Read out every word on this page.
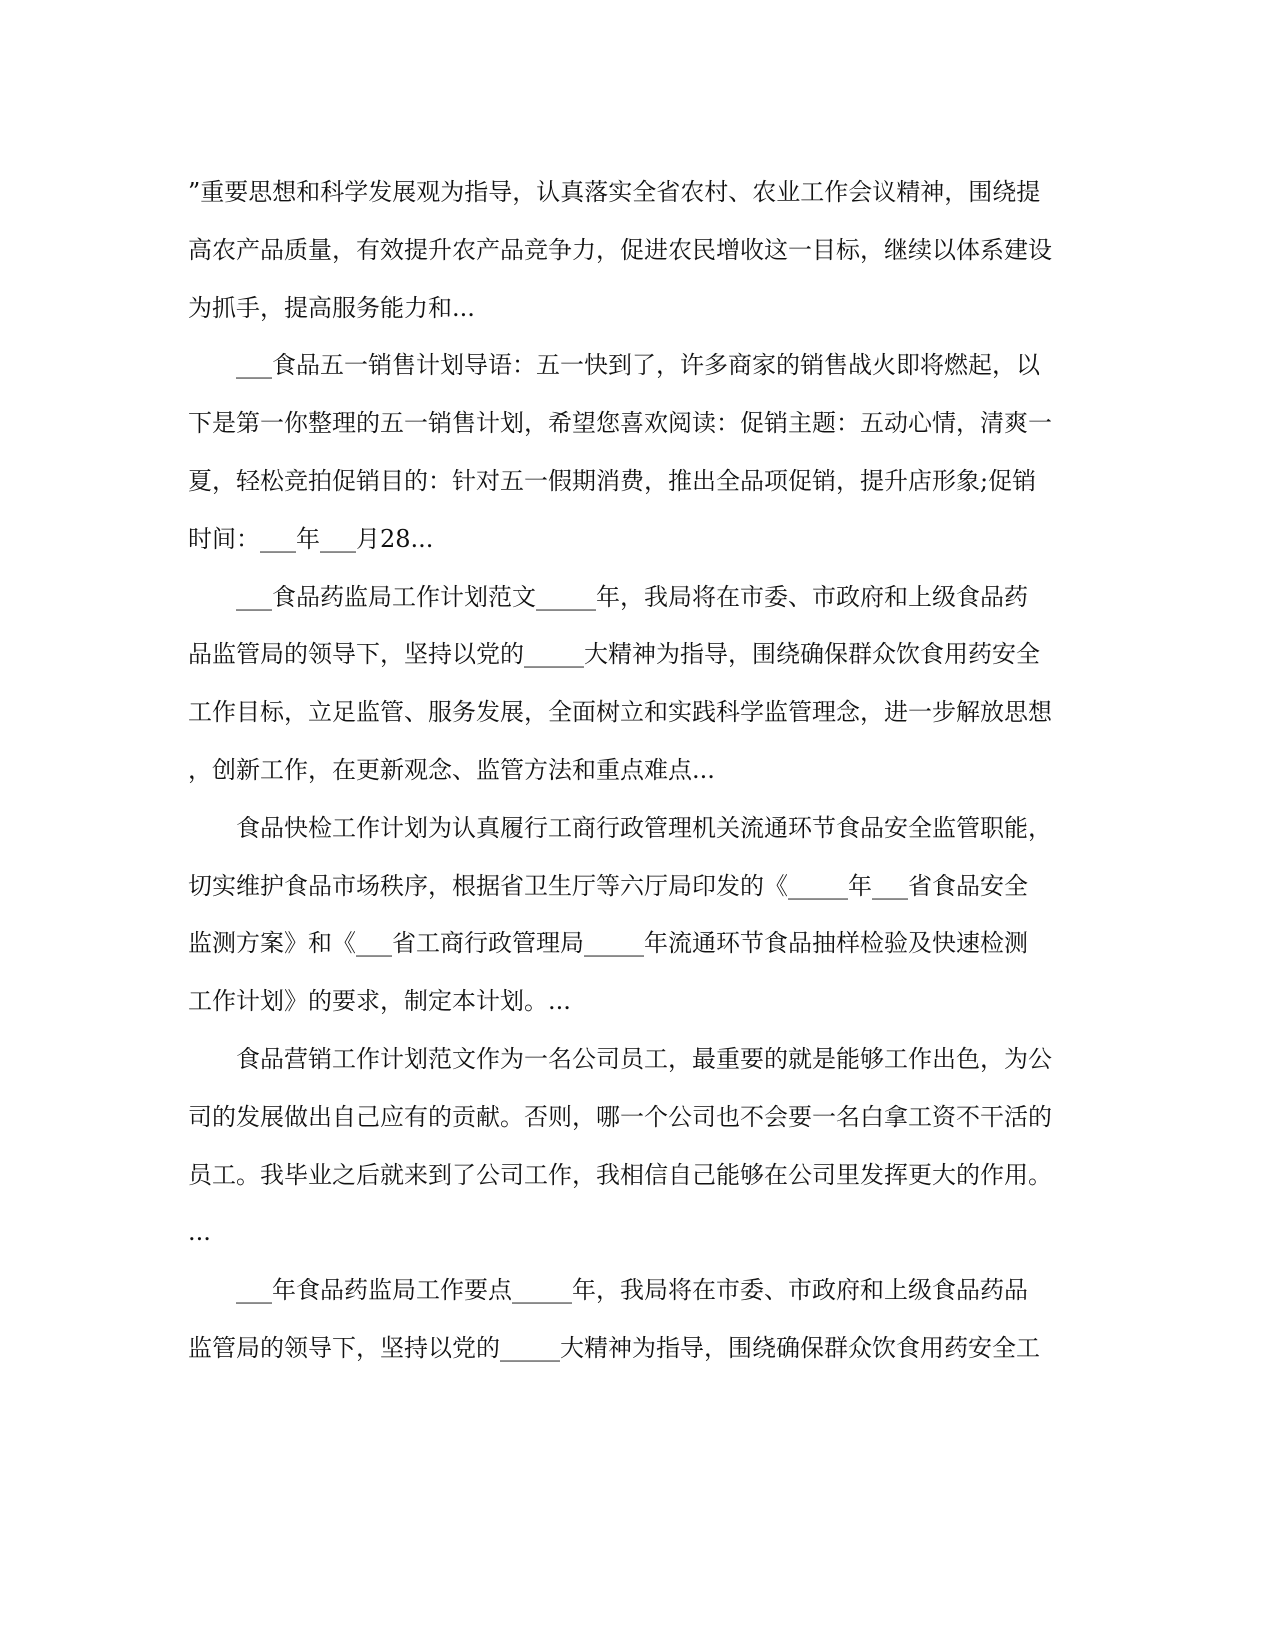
”重要思想和科学发展观为指导，认真落实全省农村、农业工作会议精神，围绕提
高农产品质量，有效提升农产品竞争力，促进农民增收这一目标，继续以体系建设
为抓手，提高服务能力和...

___食品五一销售计划导语：五一快到了，许多商家的销售战火即将燃起，以
下是第一你整理的五一销售计划，希望您喜欢阅读：促销主题：五动心情，清爽一
夏，轻松竞拍促销目的：针对五一假期消费，推出全品项促销，提升店形象;促销
时间：___年___月28...

___食品药监局工作计划范文_____年，我局将在市委、市政府和上级食品药
品监管局的领导下，坚持以党的_____大精神为指导，围绕确保群众饮食用药安全
工作目标，立足监管、服务发展，全面树立和实践科学监管理念，进一步解放思想
，创新工作，在更新观念、监管方法和重点难点...

食品快检工作计划为认真履行工商行政管理机关流通环节食品安全监管职能，
切实维护食品市场秩序，根据省卫生厅等六厅局印发的《_____年___省食品安全
监测方案》和《___省工商行政管理局_____年流通环节食品抽样检验及快速检测
工作计划》的要求，制定本计划。...

食品营销工作计划范文作为一名公司员工，最重要的就是能够工作出色，为公
司的发展做出自己应有的贡献。否则，哪一个公司也不会要一名白拿工资不干活的
员工。我毕业之后就来到了公司工作，我相信自己能够在公司里发挥更大的作用。
...

___年食品药监局工作要点_____年，我局将在市委、市政府和上级食品药品
监管局的领导下，坚持以党的_____大精神为指导，围绕确保群众饮食用药安全工
